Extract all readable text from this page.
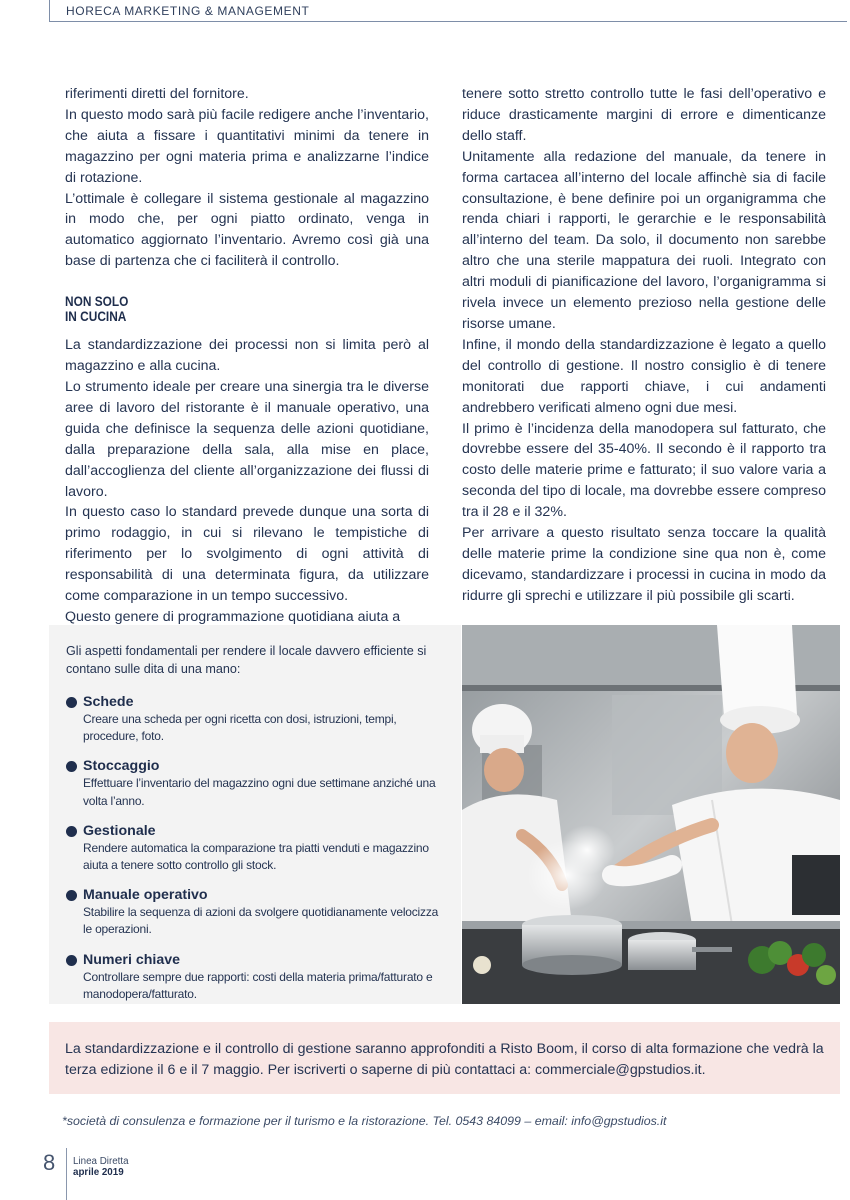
HORECA MARKETING & MANAGEMENT

riferimenti diretti del fornitore.

In questo modo sarà più facile redigere anche l’inventario, che aiuta a fissare i quantitativi minimi da tenere in magazzino per ogni materia prima e analizzarne l’indice di rotazione.

L’ottimale è collegare il sistema gestionale al magazzino in modo che, per ogni piatto ordinato, venga in automatico aggiornato l’inventario. Avremo così già una base di partenza che ci faciliterà il controllo.

NON SOLO
IN CUCINA

La standardizzazione dei processi non si limita però al magazzino e alla cucina.

Lo strumento ideale per creare una sinergia tra le diverse aree di lavoro del ristorante è il manuale operativo, una guida che definisce la sequenza delle azioni quotidiane, dalla preparazione della sala, alla mise en place, dall’accoglienza del cliente all’organizzazione dei flussi di lavoro.

In questo caso lo standard prevede dunque una sorta di primo rodaggio, in cui si rilevano le tempistiche di riferimento per lo svolgimento di ogni attività di responsabilità di una determinata figura, da utilizzare come comparazione in un tempo successivo.

Questo genere di programmazione quotidiana aiuta a

tenere sotto stretto controllo tutte le fasi dell’operativo e riduce drasticamente margini di errore e dimenticanze dello staff.

Unitamente alla redazione del manuale, da tenere in forma cartacea all’interno del locale affinchè sia di facile consultazione, è bene definire poi un organigramma che renda chiari i rapporti, le gerarchie e le responsabilità all’interno del team. Da solo, il documento non sarebbe altro che una sterile mappatura dei ruoli. Integrato con altri moduli di pianificazione del lavoro, l’organigramma si rivela invece un elemento prezioso nella gestione delle risorse umane.

Infine, il mondo della standardizzazione è legato a quello del controllo di gestione. Il nostro consiglio è di tenere monitorati due rapporti chiave, i cui andamenti andrebbero verificati almeno ogni due mesi.

Il primo è l’incidenza della manodopera sul fatturato, che dovrebbe essere del 35-40%. Il secondo è il rapporto tra costo delle materie prime e fatturato; il suo valore varia a seconda del tipo di locale, ma dovrebbe essere compreso tra il 28 e il 32%.

Per arrivare a questo risultato senza toccare la qualità delle materie prime la condizione sine qua non è, come dicevamo, standardizzare i processi in cucina in modo da ridurre gli sprechi e utilizzare il più possibile gli scarti.

Gli aspetti fondamentali per rendere il locale davvero efficiente si contano sulle dita di una mano:

Schede
Creare una scheda per ogni ricetta con dosi, istruzioni, tempi, procedure, foto.
Stoccaggio
Effettuare l’inventario del magazzino ogni due settimane anziché una volta l’anno.
Gestionale
Rendere automatica la comparazione tra piatti venduti e magazzino aiuta a tenere sotto controllo gli stock.
Manuale operativo
Stabilire la sequenza di azioni da svolgere quotidianamente velocizza le operazioni.
Numeri chiave
Controllare sempre due rapporti: costi della materia prima/fatturato e manodopera/fatturato.

La standardizzazione e il controllo di gestione saranno approfonditi a Risto Boom, il corso di alta formazione che vedrà la terza edizione il 6 e il 7 maggio. Per iscriverti o saperne di più contattaci a: commerciale@gpstudios.it.

*società di consulenza e formazione per il turismo e la ristorazione. Tel. 0543 84099 – email: info@gpstudios.it

8 Linea Diretta
aprile 2019
